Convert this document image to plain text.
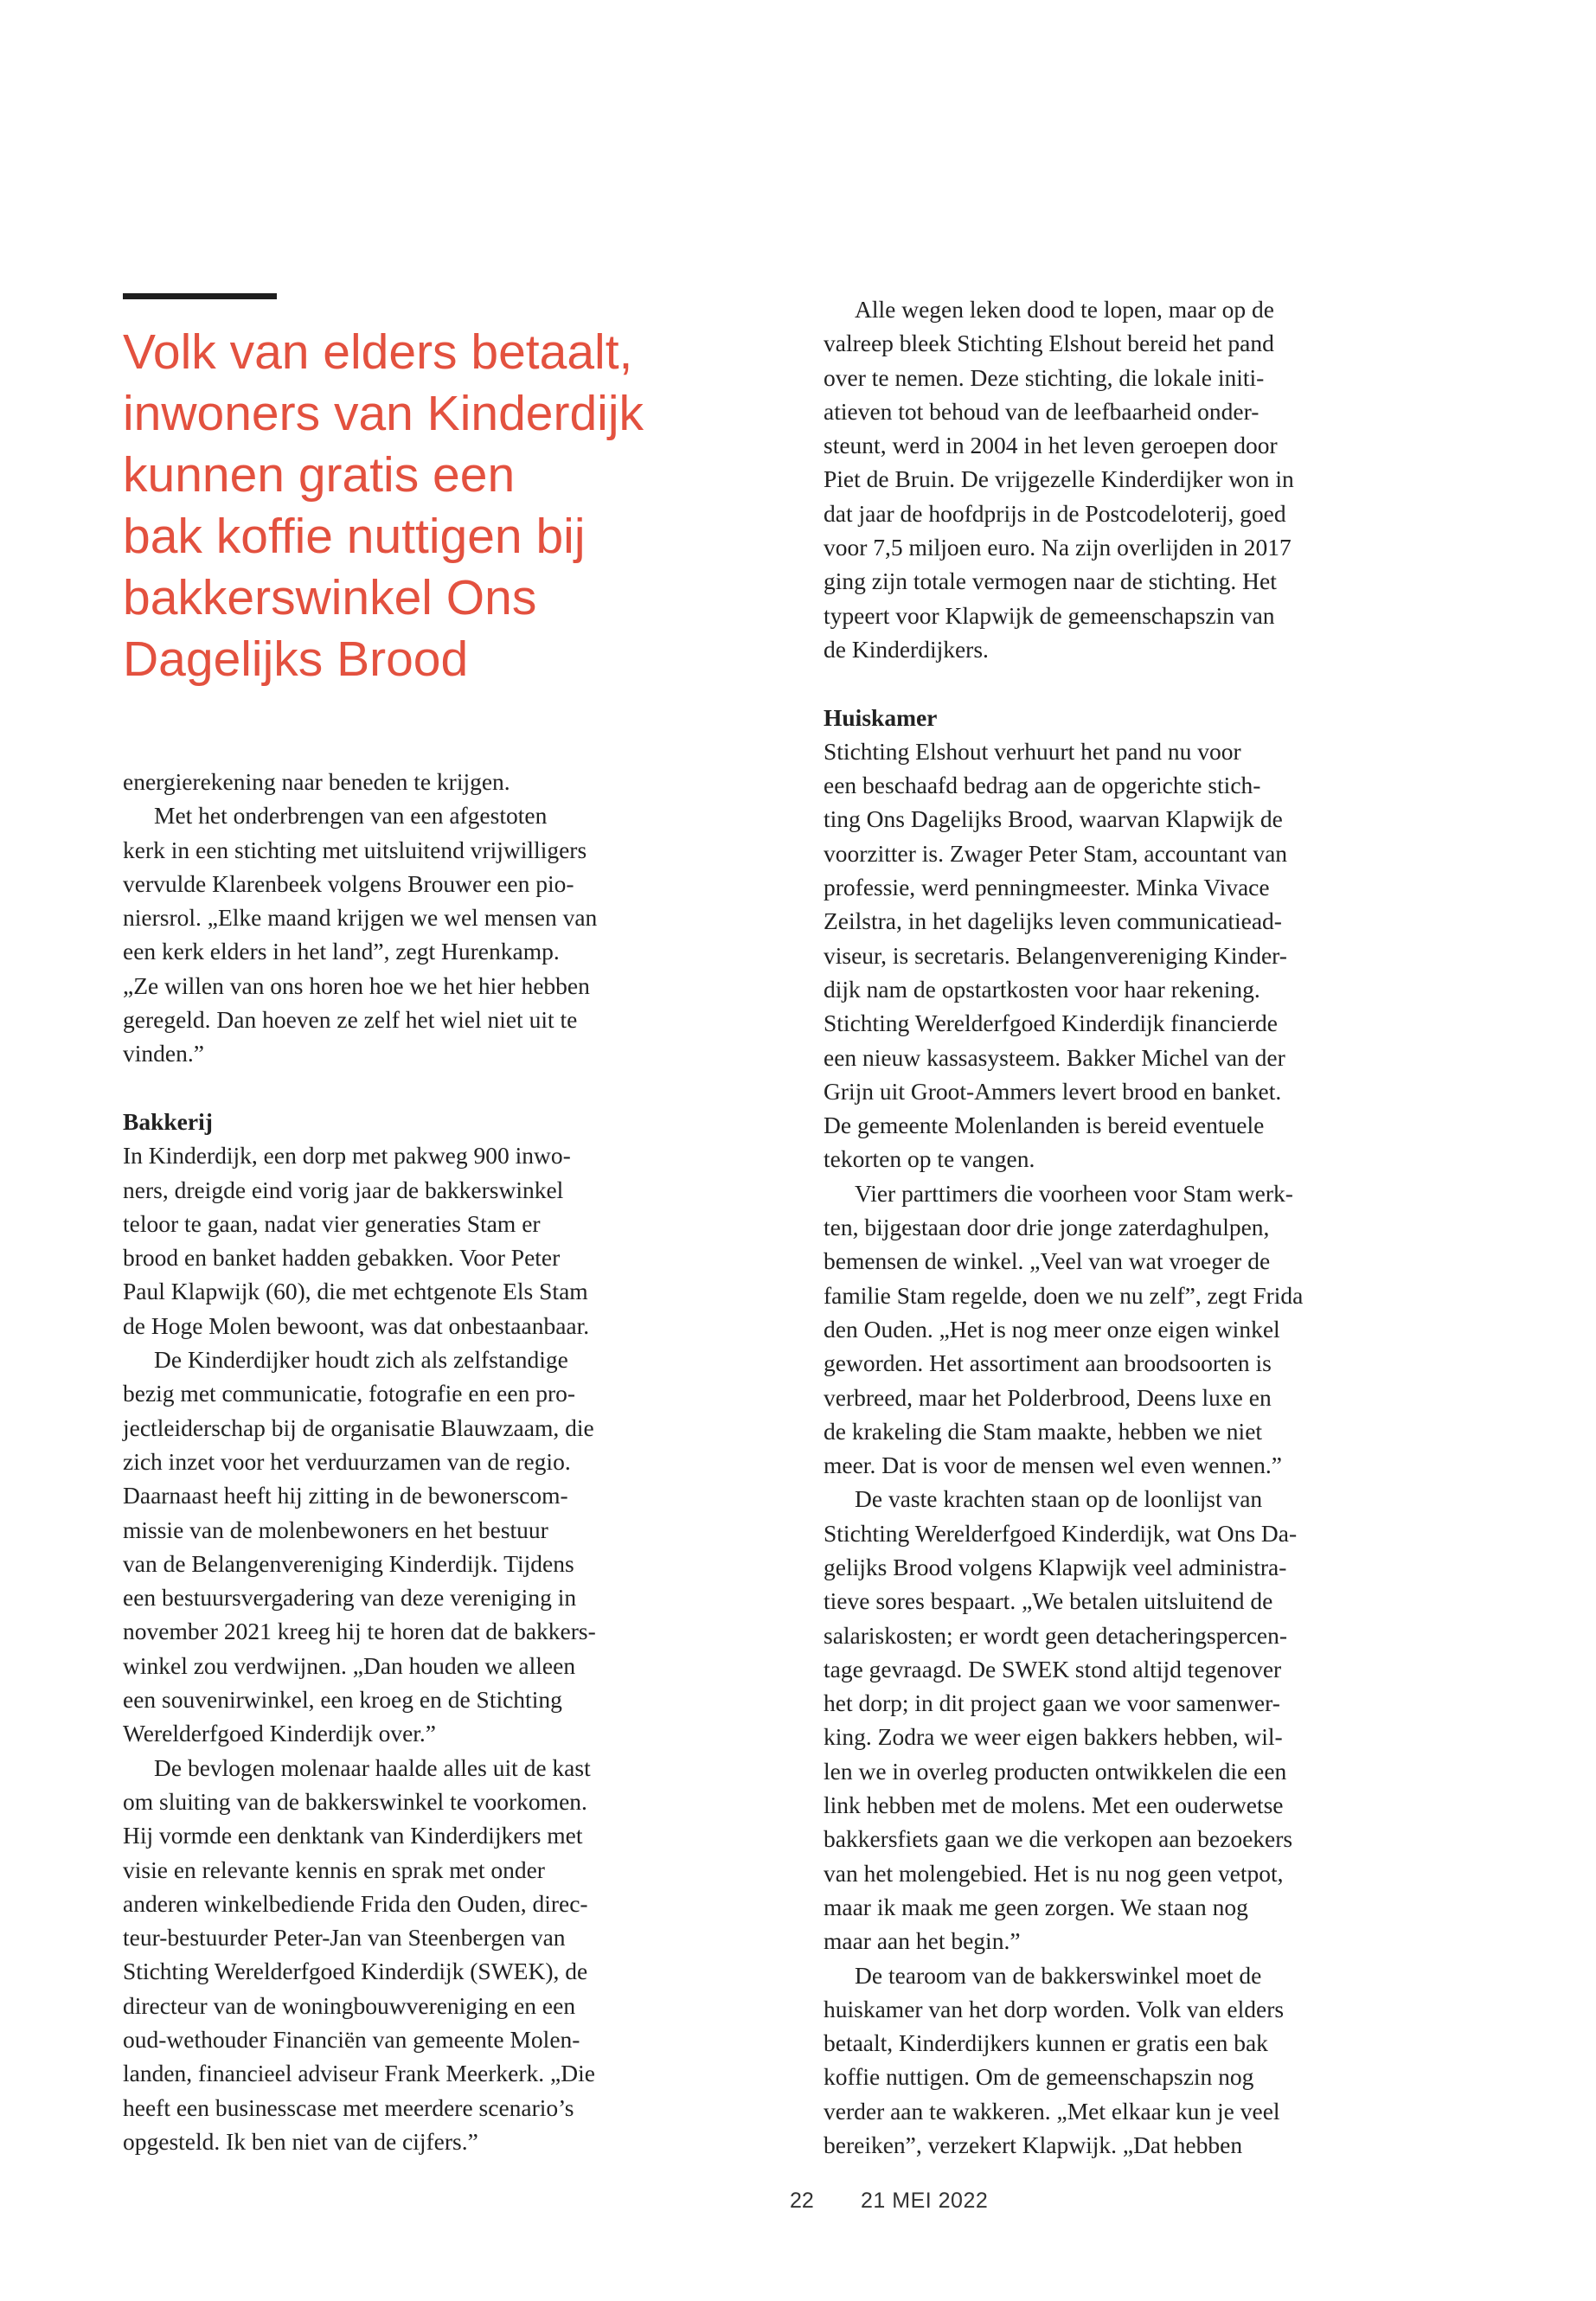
Volk van elders betaalt,
inwoners van Kinderdijk
kunnen gratis een
bak koffie nuttigen bij
bakkerswinkel Ons
Dagelijks Brood
energierekening naar beneden te krijgen.
Met het onderbrengen van een afgestoten
kerk in een stichting met uitsluitend vrijwilligers
vervulde Klarenbeek volgens Brouwer een pio-
niersrol. „Elke maand krijgen we wel mensen van
een kerk elders in het land”, zegt Hurenkamp.
„Ze willen van ons horen hoe we het hier hebben
geregeld. Dan hoeven ze zelf het wiel niet uit te
vinden.”
Bakkerij
In Kinderdijk, een dorp met pakweg 900 inwo-
ners, dreigde eind vorig jaar de bakkerswinkel
teloor te gaan, nadat vier generaties Stam er
brood en banket hadden gebakken. Voor Peter
Paul Klapwijk (60), die met echtgenote Els Stam
de Hoge Molen bewoont, was dat onbestaanbaar.
De Kinderdijker houdt zich als zelfstandige
bezig met communicatie, fotografie en een pro-
jectleiderschap bij de organisatie Blauwzaam, die
zich inzet voor het verduurzamen van de regio.
Daarnaast heeft hij zitting in de bewonerscom-
missie van de molenbewoners en het bestuur
van de Belangenvereniging Kinderdijk. Tijdens
een bestuursvergadering van deze vereniging in
november 2021 kreeg hij te horen dat de bakkers-
winkel zou verdwijnen. „Dan houden we alleen
een souvenirwinkel, een kroeg en de Stichting
Werelderfgoed Kinderdijk over.”
De bevlogen molenaar haalde alles uit de kast
om sluiting van de bakkerswinkel te voorkomen.
Hij vormde een denktank van Kinderdijkers met
visie en relevante kennis en sprak met onder
anderen winkelbediende Frida den Ouden, direc-
teur-bestuurder Peter-Jan van Steenbergen van
Stichting Werelderfgoed Kinderdijk (SWEK), de
directeur van de woningbouwvereniging en een
oud-wethouder Financiën van gemeente Molen-
landen, financieel adviseur Frank Meerkerk. „Die
heeft een businesscase met meerdere scenario’s
opgesteld. Ik ben niet van de cijfers.”
Alle wegen leken dood te lopen, maar op de
valreep bleek Stichting Elshout bereid het pand
over te nemen. Deze stichting, die lokale initi-
atieven tot behoud van de leefbaarheid onder-
steunt, werd in 2004 in het leven geroepen door
Piet de Bruin. De vrijgezelle Kinderdijker won in
dat jaar de hoofdprijs in de Postcodeloterij, goed
voor 7,5 miljoen euro. Na zijn overlijden in 2017
ging zijn totale vermogen naar de stichting. Het
typeert voor Klapwijk de gemeenschapszin van
de Kinderdijkers.
Huiskamer
Stichting Elshout verhuurt het pand nu voor
een beschaafd bedrag aan de opgerichte stich-
ting Ons Dagelijks Brood, waarvan Klapwijk de
voorzitter is. Zwager Peter Stam, accountant van
professie, werd penningmeester. Minka Vivace
Zeilstra, in het dagelijks leven communicatiead-
viseur, is secretaris. Belangenvereniging Kinder-
dijk nam de opstartkosten voor haar rekening.
Stichting Werelderfgoed Kinderdijk financierde
een nieuw kassasysteem. Bakker Michel van der
Grijn uit Groot-Ammers levert brood en banket.
De gemeente Molenlanden is bereid eventuele
tekorten op te vangen.
Vier parttimers die voorheen voor Stam werk-
ten, bijgestaan door drie jonge zaterdaghulpen,
bemensen de winkel. „Veel van wat vroeger de
familie Stam regelde, doen we nu zelf”, zegt Frida
den Ouden. „Het is nog meer onze eigen winkel
geworden. Het assortiment aan broodsoorten is
verbreed, maar het Polderbrood, Deens luxe en
de krakeling die Stam maakte, hebben we niet
meer. Dat is voor de mensen wel even wennen.”
De vaste krachten staan op de loonlijst van
Stichting Werelderfgoed Kinderdijk, wat Ons Da-
gelijks Brood volgens Klapwijk veel administra-
tieve sores bespaart. „We betalen uitsluitend de
salariskosten; er wordt geen detacheringspercen-
tage gevraagd. De SWEK stond altijd tegenover
het dorp; in dit project gaan we voor samenwer-
king. Zodra we weer eigen bakkers hebben, wil-
len we in overleg producten ontwikkelen die een
link hebben met de molens. Met een ouderwetse
bakkersfiets gaan we die verkopen aan bezoekers
van het molengebied. Het is nu nog geen vetpot,
maar ik maak me geen zorgen. We staan nog
maar aan het begin.”
De tearoom van de bakkerswinkel moet de
huiskamer van het dorp worden. Volk van elders
betaalt, Kinderdijkers kunnen er gratis een bak
koffie nuttigen. Om de gemeenschapszin nog
verder aan te wakkeren. „Met elkaar kun je veel
bereiken”, verzekert Klapwijk. „Dat hebben
22 21 MEI 2022
